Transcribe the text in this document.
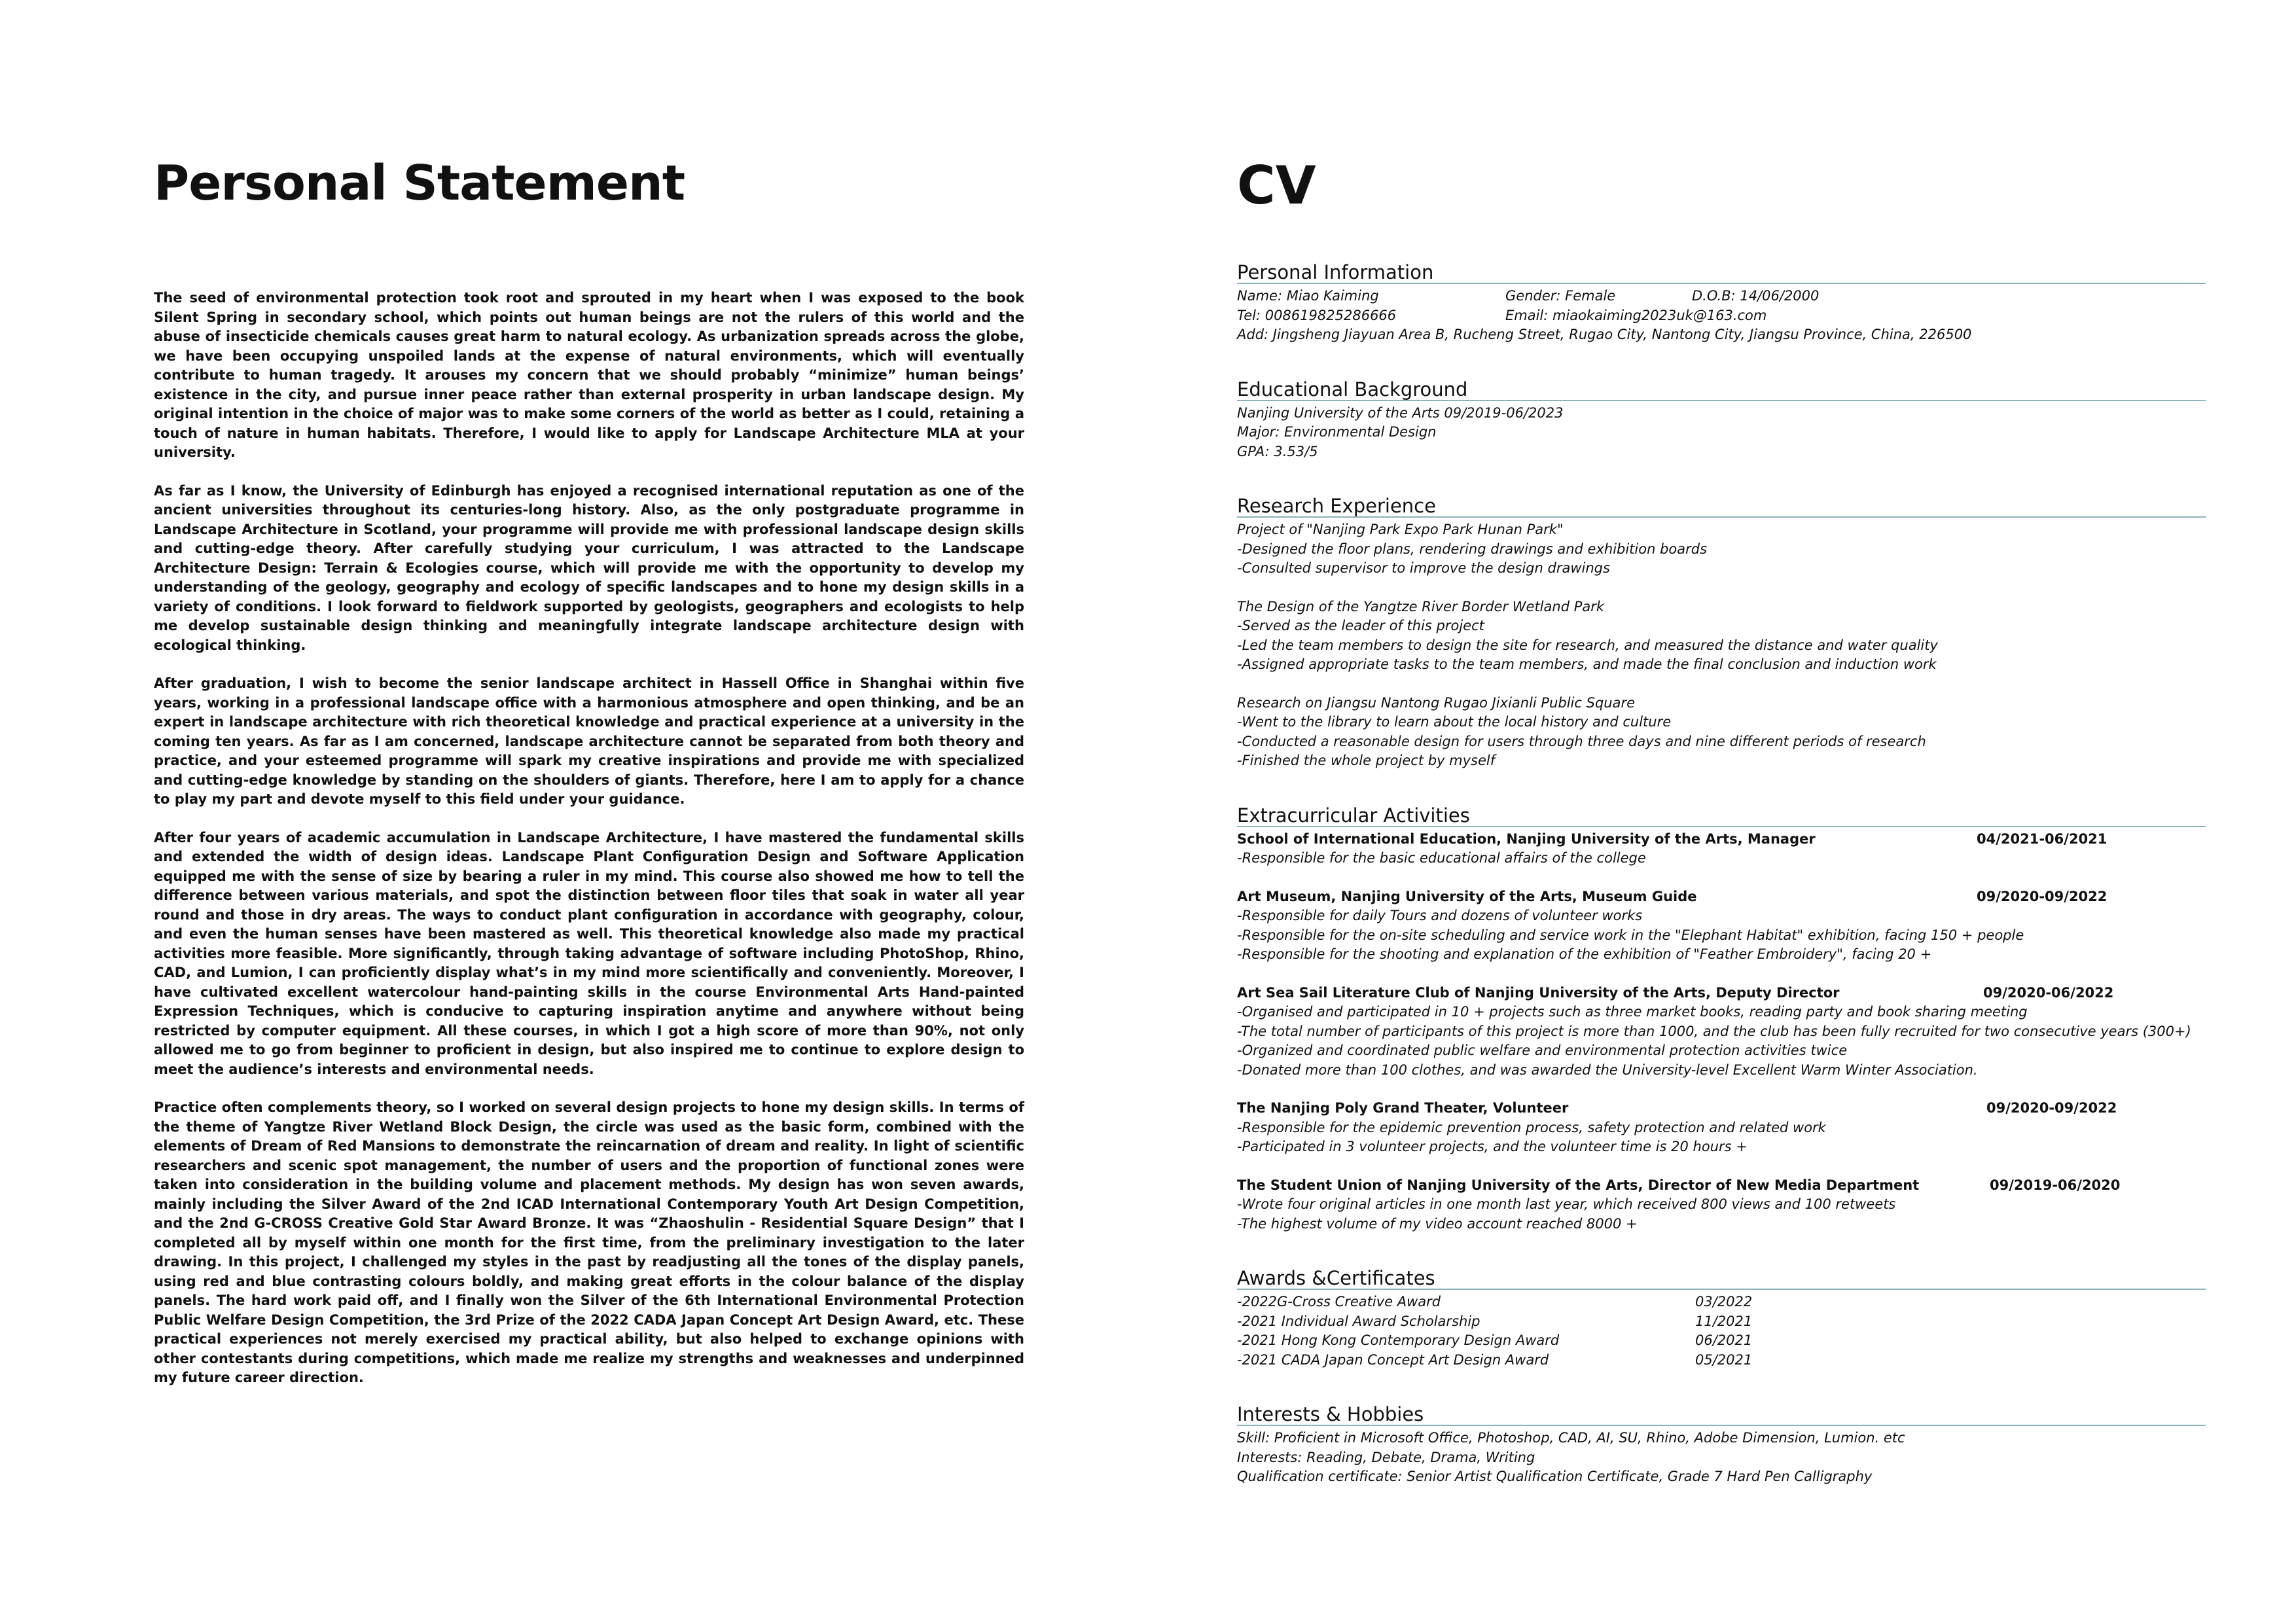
Personal Statement

The seed of environmental protection took root and sprouted in my heart when I was exposed to the book Silent Spring in secondary school, which points out human beings are not the rulers of this world and the abuse of insecticide chemicals causes great harm to natural ecology. As urbanization spreads across the globe, we have been occupying unspoiled lands at the expense of natural environments, which will eventually contribute to human tragedy. It arouses my concern that we should probably “minimize” human beings’ existence in the city, and pursue inner peace rather than external prosperity in urban landscape design. My original intention in the choice of major was to make some corners of the world as better as I could, retaining a touch of nature in human habitats. Therefore, I would like to apply for Landscape Architecture MLA at your university.

As far as I know, the University of Edinburgh has enjoyed a recognised international reputation as one of the ancient universities throughout its centuries-long history. Also, as the only postgraduate programme in Landscape Architecture in Scotland, your programme will provide me with professional landscape design skills and cutting-edge theory. After carefully studying your curriculum, I was attracted to the Landscape Architecture Design: Terrain & Ecologies course, which will provide me with the opportunity to develop my understanding of the geology, geography and ecology of specific landscapes and to hone my design skills in a variety of conditions. I look forward to fieldwork supported by geologists, geographers and ecologists to help me develop sustainable design thinking and meaningfully integrate landscape architecture design with ecological thinking.

After graduation, I wish to become the senior landscape architect in Hassell Office in Shanghai within five years, working in a professional landscape office with a harmonious atmosphere and open thinking, and be an expert in landscape architecture with rich theoretical knowledge and practical experience at a university in the coming ten years. As far as I am concerned, landscape architecture cannot be separated from both theory and practice, and your esteemed programme will spark my creative inspirations and provide me with specialized and cutting-edge knowledge by standing on the shoulders of giants. Therefore, here I am to apply for a chance to play my part and devote myself to this field under your guidance.

After four years of academic accumulation in Landscape Architecture, I have mastered the fundamental skills and extended the width of design ideas. Landscape Plant Configuration Design and Software Application equipped me with the sense of size by bearing a ruler in my mind. This course also showed me how to tell the difference between various materials, and spot the distinction between floor tiles that soak in water all year round and those in dry areas. The ways to conduct plant configuration in accordance with geography, colour, and even the human senses have been mastered as well. This theoretical knowledge also made my practical activities more feasible. More significantly, through taking advantage of software including PhotoShop, Rhino, CAD, and Lumion, I can proficiently display what’s in my mind more scientifically and conveniently. Moreover, I have cultivated excellent watercolour hand-painting skills in the course Environmental Arts Hand-painted Expression Techniques, which is conducive to capturing inspiration anytime and anywhere without being restricted by computer equipment. All these courses, in which I got a high score of more than 90%, not only allowed me to go from beginner to proficient in design, but also inspired me to continue to explore design to meet the audience’s interests and environmental needs.

Practice often complements theory, so I worked on several design projects to hone my design skills. In terms of the theme of Yangtze River Wetland Block Design, the circle was used as the basic form, combined with the elements of Dream of Red Mansions to demonstrate the reincarnation of dream and reality. In light of scientific researchers and scenic spot management, the number of users and the proportion of functional zones were taken into consideration in the building volume and placement methods. My design has won seven awards, mainly including the Silver Award of the 2nd ICAD International Contemporary Youth Art Design Competition, and the 2nd G-CROSS Creative Gold Star Award Bronze. It was “Zhaoshulin - Residential Square Design” that I completed all by myself within one month for the first time, from the preliminary investigation to the later drawing. In this project, I challenged my styles in the past by readjusting all the tones of the display panels, using red and blue contrasting colours boldly, and making great efforts in the colour balance of the display panels. The hard work paid off, and I finally won the Silver of the 6th International Environmental Protection Public Welfare Design Competition, the 3rd Prize of the 2022 CADA Japan Concept Art Design Award, etc. These practical experiences not merely exercised my practical ability, but also helped to exchange opinions with other contestants during competitions, which made me realize my strengths and weaknesses and underpinned my future career direction.

CV
Personal Information
Name: Miao Kaiming	Gender: Female	D.O.B: 14/06/2000
Tel: 008619825286666	Email: miaokaiming2023uk@163.com
Add: Jingsheng Jiayuan Area B, Rucheng Street, Rugao City, Nantong City, Jiangsu Province, China, 226500
Educational Background
Nanjing University of the Arts 09/2019-06/2023
Major: Environmental Design
GPA: 3.53/5
Research Experience
Project of "Nanjing Park Expo Park Hunan Park"
-Designed the floor plans, rendering drawings and exhibition boards
-Consulted supervisor to improve the design drawings
The Design of the Yangtze River Border Wetland Park
-Served as the leader of this project
-Led the team members to design the site for research, and measured the distance and water quality
-Assigned appropriate tasks to the team members, and made the final conclusion and induction work
Research on Jiangsu Nantong Rugao Jixianli Public Square
-Went to the library to learn about the local history and culture
-Conducted a reasonable design for users through three days and nine different periods of research
-Finished the whole project by myself
Extracurricular Activities
School of International Education, Nanjing University of the Arts, Manager	04/2021-06/2021
-Responsible for the basic educational affairs of the college
Art Museum, Nanjing University of the Arts, Museum Guide	09/2020-09/2022
-Responsible for daily Tours and dozens of volunteer works
-Responsible for the on-site scheduling and service work in the "Elephant Habitat" exhibition, facing 150 + people
-Responsible for the shooting and explanation of the exhibition of "Feather Embroidery", facing 20 +
Art Sea Sail Literature Club of Nanjing University of the Arts, Deputy Director	09/2020-06/2022
-Organised and participated in 10 + projects such as three market books, reading party and book sharing meeting
-The total number of participants of this project is more than 1000, and the club has been fully recruited for two consecutive years (300+)
-Organized and coordinated public welfare and environmental protection activities twice
-Donated more than 100 clothes, and was awarded the University-level Excellent Warm Winter Association.
The Nanjing Poly Grand Theater, Volunteer	09/2020-09/2022
-Responsible for the epidemic prevention process, safety protection and related work
-Participated in 3 volunteer projects, and the volunteer time is 20 hours +
The Student Union of Nanjing University of the Arts, Director of New Media Department	09/2019-06/2020
-Wrote four original articles in one month last year, which received 800 views and 100 retweets
-The highest volume of my video account reached 8000 +
Awards &Certificates
-2022G-Cross Creative Award	03/2022
-2021 Individual Award Scholarship	11/2021
-2021 Hong Kong Contemporary Design Award	06/2021
-2021 CADA Japan Concept Art Design Award	05/2021
Interests & Hobbies
Skill: Proficient in Microsoft Office, Photoshop, CAD, AI, SU, Rhino, Adobe Dimension, Lumion. etc
Interests: Reading, Debate, Drama, Writing
Qualification certificate: Senior Artist Qualification Certificate, Grade 7 Hard Pen Calligraphy
